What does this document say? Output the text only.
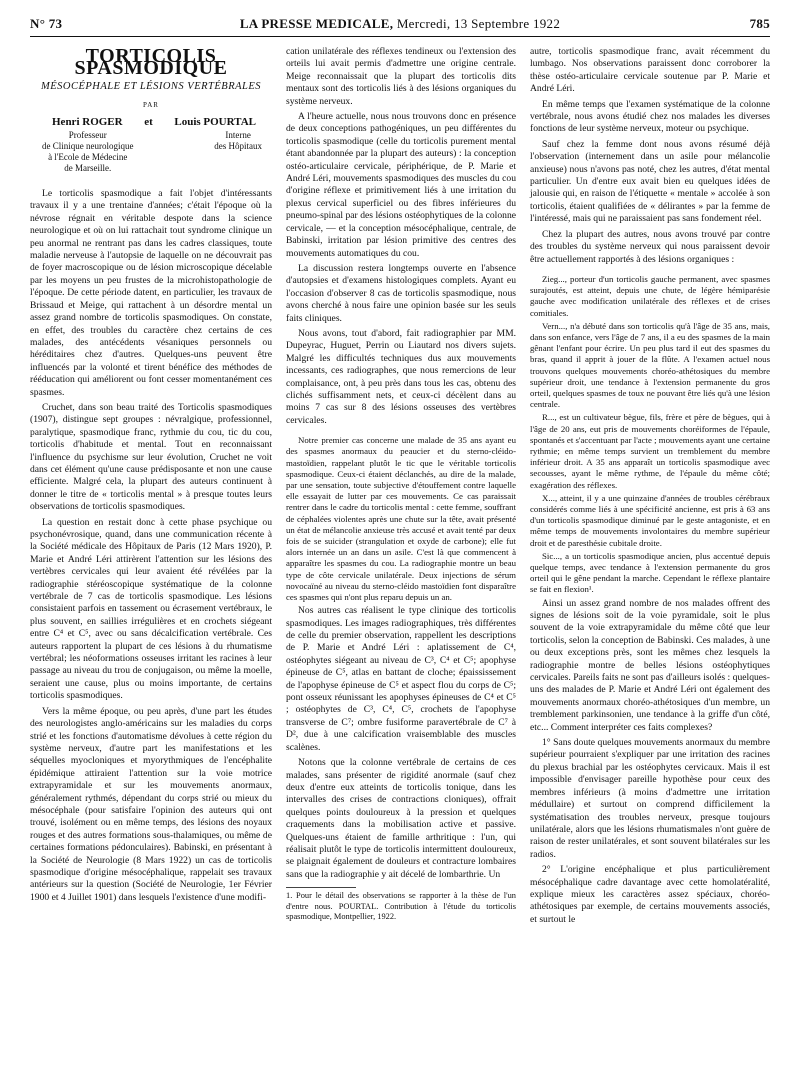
N° 73	LA PRESSE MEDICALE, Mercredi, 13 Septembre 1922	785
TORTICOLIS SPASMODIQUE
MÉSOCÉPHALE ET LÉSIONS VERTÉBRALES
PAR
Henri ROGER et Louis POURTAL
Professeur
de Clinique neurologique
à l'Ecole de Médecine
de Marseille.
Interne
des Hôpitaux

Le torticolis spasmodique a fait l'objet d'intéressants travaux il y a une trentaine d'années; c'était l'époque où la névrose régnait en véritable despote dans la science neurologique et où on lui rattachait tout syndrome clinique un peu anormal ne rentrant pas dans les cadres classiques, toute maladie nerveuse à l'autopsie de laquelle on ne découvrait pas de foyer macroscopique ou de lésion microscopique décelable par les moyens un peu frustes de la microhistopathologie de l'époque. De cette période datent, en particulier, les travaux de Brissaud et Meige, qui rattachent à un désordre mental un assez grand nombre de torticolis spasmodiques. On constate, en effet, des troubles du caractère chez certains de ces malades, des antécédents vésaniques personnels ou héréditaires chez d'autres. Quelques-uns peuvent être influencés par la volonté et tirent bénéfice des méthodes de rééducation qui améliorent ou font cesser momentanément ces spasmes.

Cruchet, dans son beau traité des Torticolis spasmodiques (1907), distingue sept groupes : névralgique, professionnel, paralytique, spasmodique franc, rythmie du cou, tic du cou, torticolis d'habitude et mental. Tout en reconnaissant l'influence du psychisme sur leur évolution, Cruchet ne voit dans cet élément qu'une cause prédisposante et non une cause efficiente. Malgré cela, la plupart des auteurs continuent à donner le titre de « torticolis mental » à presque toutes leurs observations de torticolis spasmodiques.

La question en restait donc à cette phase psychique ou psychonévrosique, quand, dans une communication récente à la Société médicale des Hôpitaux de Paris (12 Mars 1920), P. Marie et André Léri attirèrent l'attention sur les lésions des vertèbres cervicales qui leur avaient été révélées par la radiographie stéréoscopique systématique de la colonne vertébrale de 7 cas de torticolis spasmodique. Les lésions consistaient parfois en tassement ou écrasement vertébraux, le plus souvent, en saillies irrégulières et en crochets siégeant entre C⁴ et C⁵, avec ou sans décalcification vertébrale. Ces auteurs rapportent la plupart de ces lésions à du rhumatisme vertébral; les néoformations osseuses irritant les racines à leur passage au niveau du trou de conjugaison, ou même la moelle, seraient une cause, plus ou moins importante, de certains torticolis spasmodiques.

Vers la même époque, ou peu après, d'une part les études des neurologistes anglo-américains sur les maladies du corps strié et les fonctions d'automatisme dévolues à cette région du système nerveux, d'autre part les manifestations et les séquelles myocloniques et myorythmiques de l'encéphalite épidémique attiraient l'attention sur la voie motrice extrapyramidale et sur les mouvements anormaux, généralement rythmés, dépendant du corps strié ou mieux du mésocéphale (pour satisfaire l'opinion des auteurs qui ont trouvé, isolément ou en même temps, des lésions des noyaux rouges et des autres formations sous-thalamiques, ou même de certaines formations pédonculaires). Babinski, en présentant à la Société de Neurologie (8 Mars 1922) un cas de torticolis spasmodique d'origine mésocéphalique, rappelait ses travaux antérieurs sur la question (Société de Neurologie, 1er Février 1900 et 4 Juillet 1901) dans lesquels l'existence d'une modifi-

cation unilatérale des réflexes tendineux ou l'extension des orteils lui avait permis d'admettre une origine centrale. Meige reconnaissait que la plupart des torticolis dits mentaux sont des torticolis liés à des lésions organiques du système nerveux.

A l'heure actuelle, nous nous trouvons donc en présence de deux conceptions pathogéniques, un peu différentes du torticolis spasmodique (celle du torticolis purement mental étant abandonnée par la plupart des auteurs) : la conception ostéo-articulaire cervicale, périphérique, de P. Marie et André Léri, mouvements spasmodiques des muscles du cou d'origine réflexe et primitivement liés à une irritation du plexus cervical superficiel ou des fibres inférieures du pneumo-spinal par des lésions ostéophytiques de la colonne cervicale, — et la conception mésocéphalique, centrale, de Babinski, irritation par lésion primitive des centres des mouvements automatiques du cou.

La discussion restera longtemps ouverte en l'absence d'autopsies et d'examens histologiques complets. Ayant eu l'occasion d'observer 8 cas de torticolis spasmodique, nous avons cherché à nous faire une opinion basée sur les seuls faits cliniques.

Nous avons, tout d'abord, fait radiographier par MM. Dupeyrac, Huguet, Perrin ou Liautard nos divers sujets. Malgré les difficultés techniques dus aux mouvements incessants, ces radiographes, que nous remercions de leur complaisance, ont, à peu près dans tous les cas, obtenu des clichés suffisamment nets, et ceux-ci décèlent dans au moins 7 cas sur 8 des lésions osseuses des vertèbres cervicales.

Notre premier cas concerne une malade de 35 ans ayant eu des spasmes anormaux du peaucier et du sterno-cléido-mastoïdien, rappelant plutôt le tic que le véritable torticolis spasmodique. Ceux-ci étaient déclanchés, au dire de la malade, par une sensation, toute subjective d'étouffement contre laquelle elle essayait de lutter par ces mouvements. Ce cas paraissait rentrer dans le cadre du torticolis mental : cette femme, souffrant de céphalées violentes après une chute sur la tête, avait présenté un état de mélancolie anxieuse très accusé et avait tenté par deux fois de se suicider (strangulation et oxyde de carbone); elle fut alors internée un an dans un asile. C'est là que commencent à apparaître les spasmes du cou. La radiographie montre un beau type de côte cervicale unilatérale. Deux injections de sérum novocaïné au niveau du sterno-cléido mastoïdien font disparaître ces spasmes qui n'ont plus reparu depuis un an.

Nos autres cas réalisent le type clinique des torticolis spasmodiques. Les images radiographiques, très différentes de celle du premier observation, rappellent les descriptions de P. Marie et André Léri : aplatissement de C⁴, ostéophytes siégeant au niveau de C³, C⁴ et C⁵; apophyse épineuse de C⁵, atlas en battant de cloche; épaississement de l'apophyse épineuse de C⁵ et aspect flou du corps de C⁵; pont osseux réunissant les apophyses épineuses de C⁴ et C⁵ ; ostéophytes de C³, C⁴, C⁵, crochets de l'apophyse transverse de C⁷; ombre fusiforme paravertébrale de C⁷ à D², due à une calcification vraisemblable des muscles scalènes.

Notons que la colonne vertébrale de certains de ces malades, sans présenter de rigidité anormale (sauf chez deux d'entre eux atteints de torticolis tonique, dans les intervalles des crises de contractions cloniques), offrait quelques points douloureux à la pression et quelques craquements dans la mobilisation active et passive. Quelques-uns étaient de famille arthritique : l'un, qui réalisait plutôt le type de torticolis intermittent douloureux, se plaignait également de douleurs et contracture lombaires sans que la radiographie y ait décelé de lombarthrie. Un

1. Pour le détail des observations se rapporter à la thèse de l'un d'entre nous. POURTAL. Contribution à l'étude du torticolis spasmodique, Montpellier, 1922.

autre, torticolis spasmodique franc, avait récemment du lumbago. Nos observations paraissent donc corroborer la thèse ostéo-articulaire cervicale soutenue par P. Marie et André Léri.

En même temps que l'examen systématique de la colonne vertébrale, nous avons étudié chez nos malades les diverses fonctions de leur système nerveux, moteur ou psychique.

Sauf chez la femme dont nous avons résumé déjà l'observation (internement dans un asile pour mélancolie anxieuse) nous n'avons pas noté, chez les autres, d'état mental particulier. Un d'entre eux avait bien eu quelques idées de jalousie qui, en raison de l'étiquette « mentale » accolée à son torticolis, étaient qualifiées de « délirantes » par la femme de l'intéressé, mais qui ne paraissaient pas sans fondement réel.

Chez la plupart des autres, nous avons trouvé par contre des troubles du système nerveux qui nous paraissent devoir être actuellement rapportés à des lésions organiques :

Zieg..., porteur d'un torticolis gauche permanent, avec spasmes surajoutés, est atteint, depuis une chute, de légère hémiparésie gauche avec modification unilatérale des réflexes et de crises comitiales.

Vern..., n'a débuté dans son torticolis qu'à l'âge de 35 ans, mais, dans son enfance, vers l'âge de 7 ans, il a eu des spasmes de la main gênant l'enfant pour écrire. Un peu plus tard il eut des spasmes du bras, quand il apprit à jouer de la flûte. A l'examen actuel nous trouvons quelques mouvements choréo-athétosiques du membre supérieur droit, une tendance à l'extension permanente du gros orteil, quelques spasmes de toux ne pouvant être liés qu'à une lésion centrale.

R..., est un cultivateur bègue, fils, frère et père de bègues, qui à l'âge de 20 ans, eut pris de mouvements choréiformes de l'épaule, spontanés et s'accentuant par l'acte ; mouvements ayant une certaine rythmie; en même temps survient un tremblement du membre inférieur droit. A 35 ans apparaît un torticolis spasmodique avec secousses, ayant le même rythme, de l'épaule du même côté; exagération des réflexes.

X..., atteint, il y a une quinzaine d'années de troubles cérébraux considérés comme liés à une spécificité ancienne, est pris à 63 ans d'un torticolis spasmodique diminué par le geste antagoniste, et en même temps de mouvements involontaires du membre supérieur droit et de paresthésie cubitale droite.

Sic..., a un torticolis spasmodique ancien, plus accentué depuis quelque temps, avec tendance à l'extension permanente du gros orteil qui le gêne pendant la marche. Cependant le réflexe plantaire se fait en flexion¹.

Ainsi un assez grand nombre de nos malades offrent des signes de lésions soit de la voie pyramidale, soit le plus souvent de la voie extrapyramidale du même côté que leur torticolis, selon la conception de Babinski. Ces malades, à une ou deux exceptions près, sont les mêmes chez lesquels la radiographie montre de belles lésions ostéophytiques cervicales. Pareils faits ne sont pas d'ailleurs isolés : quelques-uns des malades de P. Marie et André Léri ont également des mouvements anormaux choréo-athétosiques d'un membre, un tremblement parkinsonien, une tendance à la griffe d'un côté, etc... Comment interpréter ces faits complexes?

1° Sans doute quelques mouvements anormaux du membre supérieur pourraient s'expliquer par une irritation des racines du plexus brachial par les ostéophytes cervicaux. Mais il est impossible d'envisager pareille hypothèse pour ceux des membres inférieurs (à moins d'admettre une irritation médullaire) et surtout on comprend difficilement la systématisation des troubles nerveux, presque toujours unilatérale, alors que les lésions rhumatismales n'ont guère de raison de rester unilatérales, et sont souvent bilatérales sur les radios.

2° L'origine encéphalique et plus particulièrement mésocéphalique cadre davantage avec cette homolatéralité, explique mieux les caractères assez spéciaux, choréo-athétosiques par exemple, de certains mouvements associés, et surtout le
